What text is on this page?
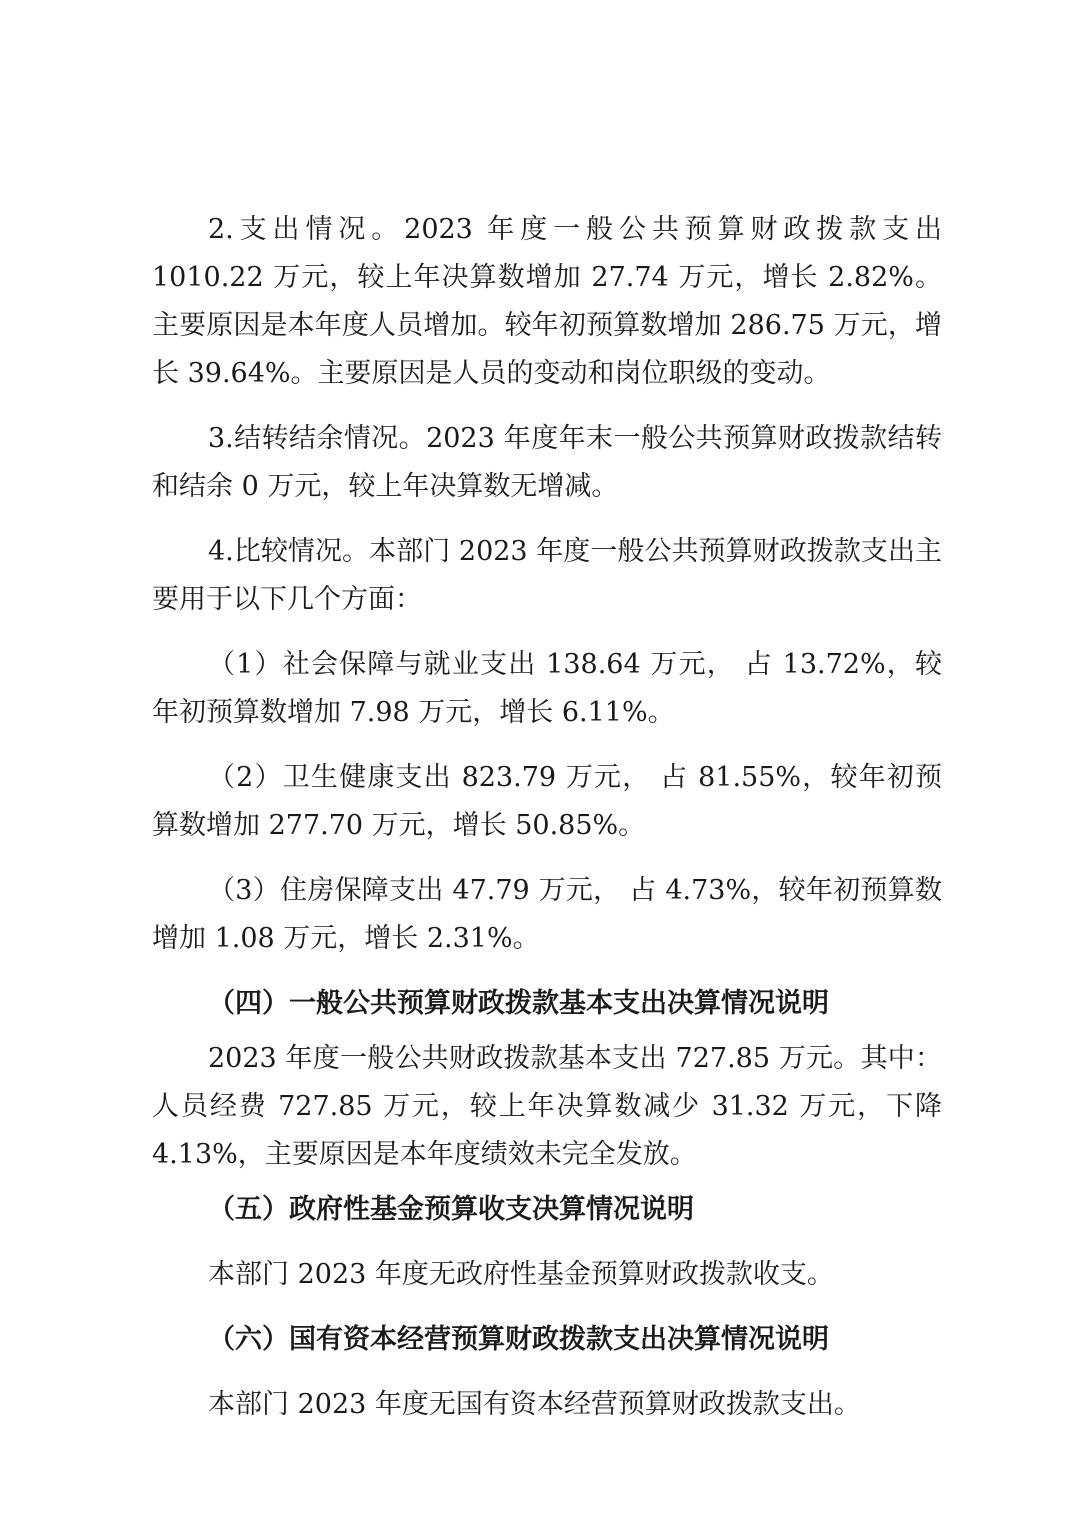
2.支出情况。2023 年度一般公共预算财政拨款支出 1010.22 万元，较上年决算数增加 27.74 万元，增长 2.82%。主要原因是本年度人员增加。较年初预算数增加 286.75 万元，增长 39.64%。主要原因是人员的变动和岗位职级的变动。

3.结转结余情况。2023 年度年末一般公共预算财政拨款结转和结余 0 万元，较上年决算数无增减。

4.比较情况。本部门 2023 年度一般公共预算财政拨款支出主要用于以下几个方面：

（1）社会保障与就业支出 138.64 万元， 占 13.72%，较年初预算数增加 7.98 万元，增长 6.11%。

（2）卫生健康支出 823.79 万元， 占 81.55%，较年初预算数增加 277.70 万元，增长 50.85%。

（3）住房保障支出 47.79 万元， 占 4.73%，较年初预算数增加 1.08 万元，增长 2.31%。

（四）一般公共预算财政拨款基本支出决算情况说明

2023 年度一般公共财政拨款基本支出 727.85 万元。其中：人员经费 727.85 万元，较上年决算数减少 31.32 万元，下降4.13%，主要原因是本年度绩效未完全发放。

（五）政府性基金预算收支决算情况说明

本部门 2023 年度无政府性基金预算财政拨款收支。

（六）国有资本经营预算财政拨款支出决算情况说明

本部门 2023 年度无国有资本经营预算财政拨款支出。
